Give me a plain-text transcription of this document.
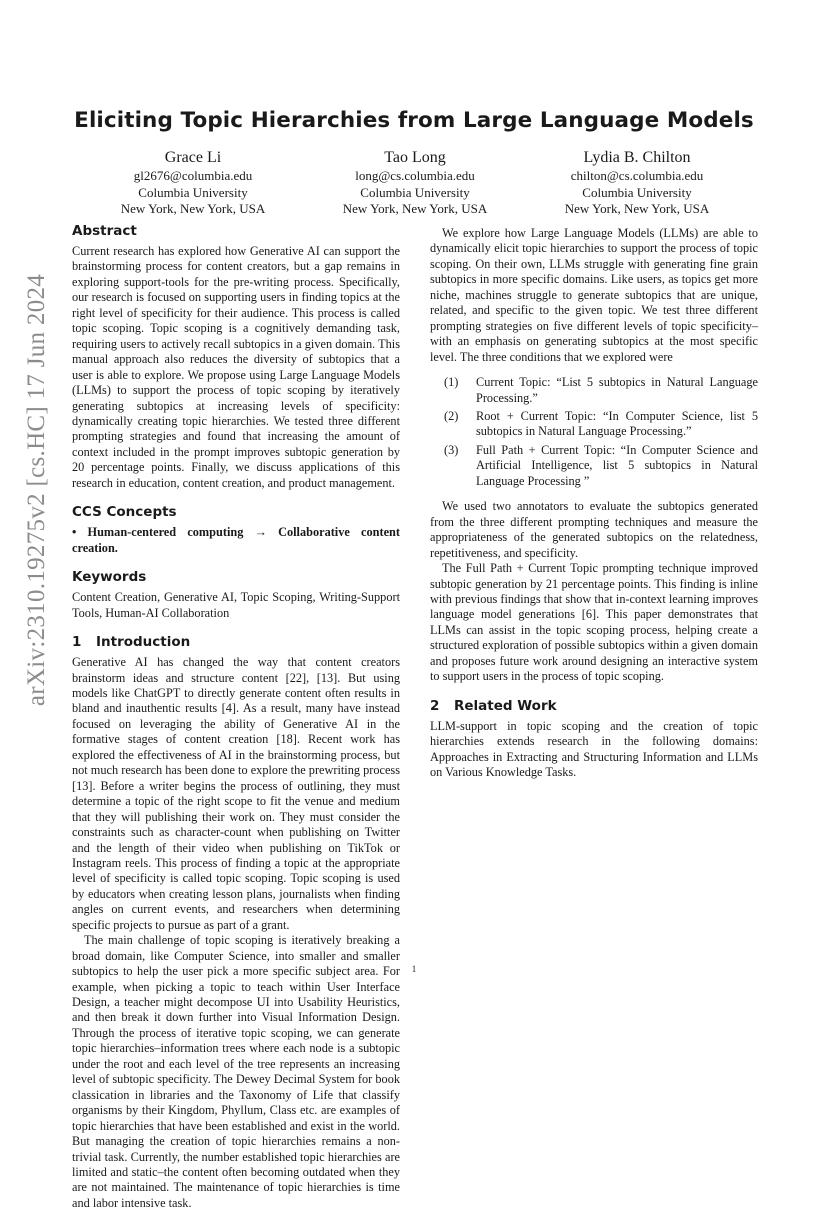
arXiv:2310.19275v2 [cs.HC] 17 Jun 2024
Eliciting Topic Hierarchies from Large Language Models
Grace Li
gl2676@columbia.edu
Columbia University
New York, New York, USA
Tao Long
long@cs.columbia.edu
Columbia University
New York, New York, USA
Lydia B. Chilton
chilton@cs.columbia.edu
Columbia University
New York, New York, USA
Abstract

Current research has explored how Generative AI can support the brainstorming process for content creators, but a gap remains in exploring support-tools for the pre-writing process. Specifically, our research is focused on supporting users in finding topics at the right level of specificity for their audience. This process is called topic scoping. Topic scoping is a cognitively demanding task, requiring users to actively recall subtopics in a given domain. This manual approach also reduces the diversity of subtopics that a user is able to explore. We propose using Large Language Models (LLMs) to support the process of topic scoping by iteratively generating subtopics at increasing levels of specificity: dynamically creating topic hierarchies. We tested three different prompting strategies and found that increasing the amount of context included in the prompt improves subtopic generation by 20 percentage points. Finally, we discuss applications of this research in education, content creation, and product management.

CCS Concepts

• Human-centered computing → Collaborative content creation.

Keywords

Content Creation, Generative AI, Topic Scoping, Writing-Support Tools, Human-AI Collaboration

1 Introduction

Generative AI has changed the way that content creators brainstorm ideas and structure content [22], [13]. But using models like ChatGPT to directly generate content often results in bland and inauthentic results [4]. As a result, many have instead focused on leveraging the ability of Generative AI in the formative stages of content creation [18]. Recent work has explored the effectiveness of AI in the brainstorming process, but not much research has been done to explore the prewriting process [13]. Before a writer begins the process of outlining, they must determine a topic of the right scope to fit the venue and medium that they will publishing their work on. They must consider the constraints such as character-count when publishing on Twitter and the length of their video when publishing on TikTok or Instagram reels. This process of finding a topic at the appropriate level of specificity is called topic scoping. Topic scoping is used by educators when creating lesson plans, journalists when finding angles on current events, and researchers when determining specific projects to pursue as part of a grant.

The main challenge of topic scoping is iteratively breaking a broad domain, like Computer Science, into smaller and smaller subtopics to help the user pick a more specific subject area. For example, when picking a topic to teach within User Interface Design, a teacher might decompose UI into Usability Heuristics, and then break it down further into Visual Information Design. Through the process of iterative topic scoping, we can generate topic hierarchies–information trees where each node is a subtopic under the root and each level of the tree represents an increasing level of subtopic specificity. The Dewey Decimal System for book classication in libraries and the Taxonomy of Life that classify organisms by their Kingdom, Phyllum, Class etc. are examples of topic hierarchies that have been established and exist in the world. But managing the creation of topic hierarchies remains a non-trivial task. Currently, the number established topic hierarchies are limited and static–the content often becoming outdated when they are not maintained. The maintenance of topic hierarchies is time and labor intensive task.

We explore how Large Language Models (LLMs) are able to dynamically elicit topic hierarchies to support the process of topic scoping. On their own, LLMs struggle with generating fine grain subtopics in more specific domains. Like users, as topics get more niche, machines struggle to generate subtopics that are unique, related, and specific to the given topic. We test three different prompting strategies on five different levels of topic specificity–with an emphasis on generating subtopics at the most specific level. The three conditions that we explored were

(1) Current Topic: “List 5 subtopics in Natural Language Processing.”
(2) Root + Current Topic: “In Computer Science, list 5 subtopics in Natural Language Processing.”
(3) Full Path + Current Topic: “In Computer Science and Artificial Intelligence, list 5 subtopics in Natural Language Processing ”

We used two annotators to evaluate the subtopics generated from the three different prompting techniques and measure the appropriateness of the generated subtopics on the relatedness, repetitiveness, and specificity.

The Full Path + Current Topic prompting technique improved subtopic generation by 21 percentage points. This finding is inline with previous findings that show that in-context learning improves language model generations [6]. This paper demonstrates that LLMs can assist in the topic scoping process, helping create a structured exploration of possible subtopics within a given domain and proposes future work around designing an interactive system to support users in the process of topic scoping.

2 Related Work

LLM-support in topic scoping and the creation of topic hierarchies extends research in the following domains: Approaches in Extracting and Structuring Information and LLMs on Various Knowledge Tasks.

1
